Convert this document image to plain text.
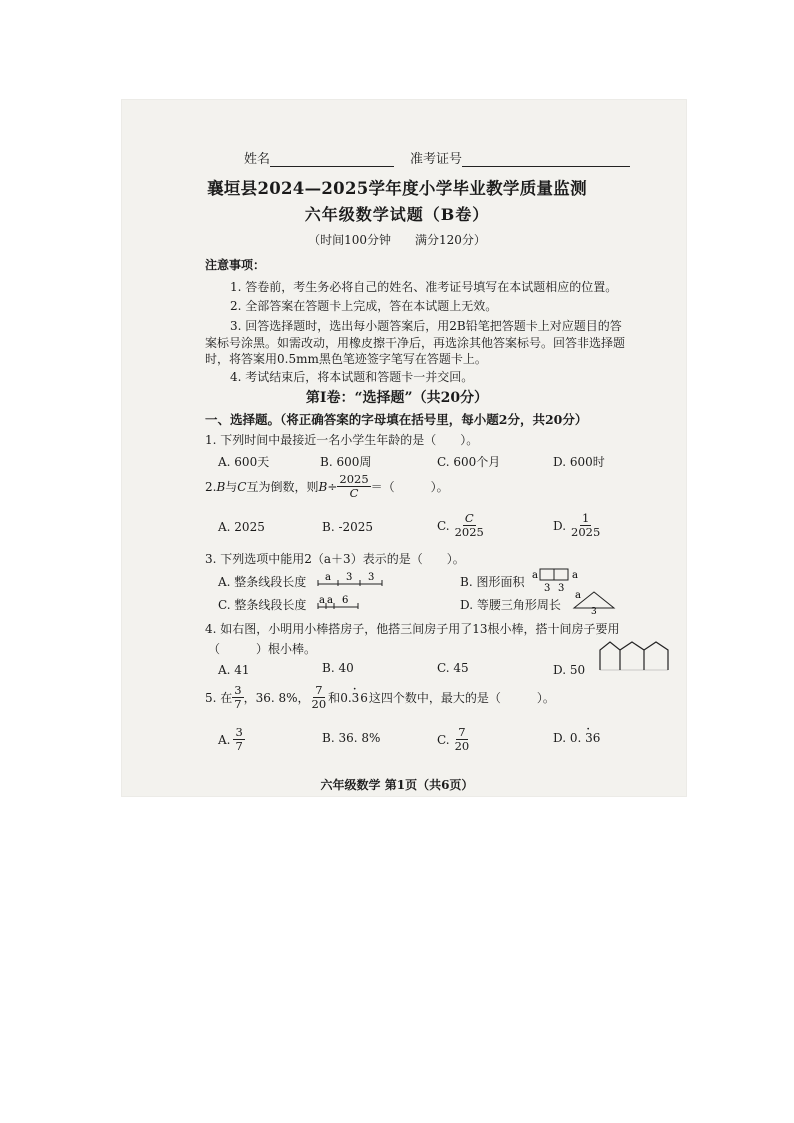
姓名	准考证号
襄垣县2024—2025学年度小学毕业教学质量监测
六年级数学试题（B卷）
（时间100分钟　　满分120分）
注意事项：
1. 答卷前，考生务必将自己的姓名、准考证号填写在本试题相应的位置。
2. 全部答案在答题卡上完成，答在本试题上无效。
3. 回答选择题时，选出每小题答案后，用2B铅笔把答题卡上对应题目的答
案标号涂黑。如需改动，用橡皮擦干净后，再选涂其他答案标号。回答非选择题
时，将答案用0.5mm黑色笔迹签字笔写在答题卡上。
4. 考试结束后，将本试题和答题卡一并交回。
第Ⅰ卷：“选择题”（共20分）
一、选择题。（将正确答案的字母填在括号里，每小题2分，共20分）
1. 下列时间中最接近一名小学生年龄的是（　　）。
A. 600天	B. 600周	C. 600个月	D. 600时
2. B 与 C 互为倒数，则 $B \div \frac{2025}{C}$ ＝（　　　）。
A. 2025	B. -2025	C. $\frac{C}{2025}$	D. $\frac{1}{2025}$
3. 下列选项中能用2（a＋3）表示的是（　　）。
A. 整条线段长度 a 3 3	B. 图形面积 a
3 3
a
C. 整条线段长度 a a 6	D. 等腰三角形周长
a
3
4. 如右图，小明用小棒搭房子，他搭三间房子用了13根小棒，搭十间房子要用
（　　　）根小棒。
A. 41	B. 40	C. 45	D. 50
5. 在 $\frac{3}{7}$ ，36. 8%， $\frac{7}{20}$ 和 0. 36 · 这四个数中，最大的是（　　　）。
A. $\frac{3}{7}$	B. 36. 8%	C. $\frac{7}{20}$	D. 0. 36 ·
六年级数学 第1页（共6页）
